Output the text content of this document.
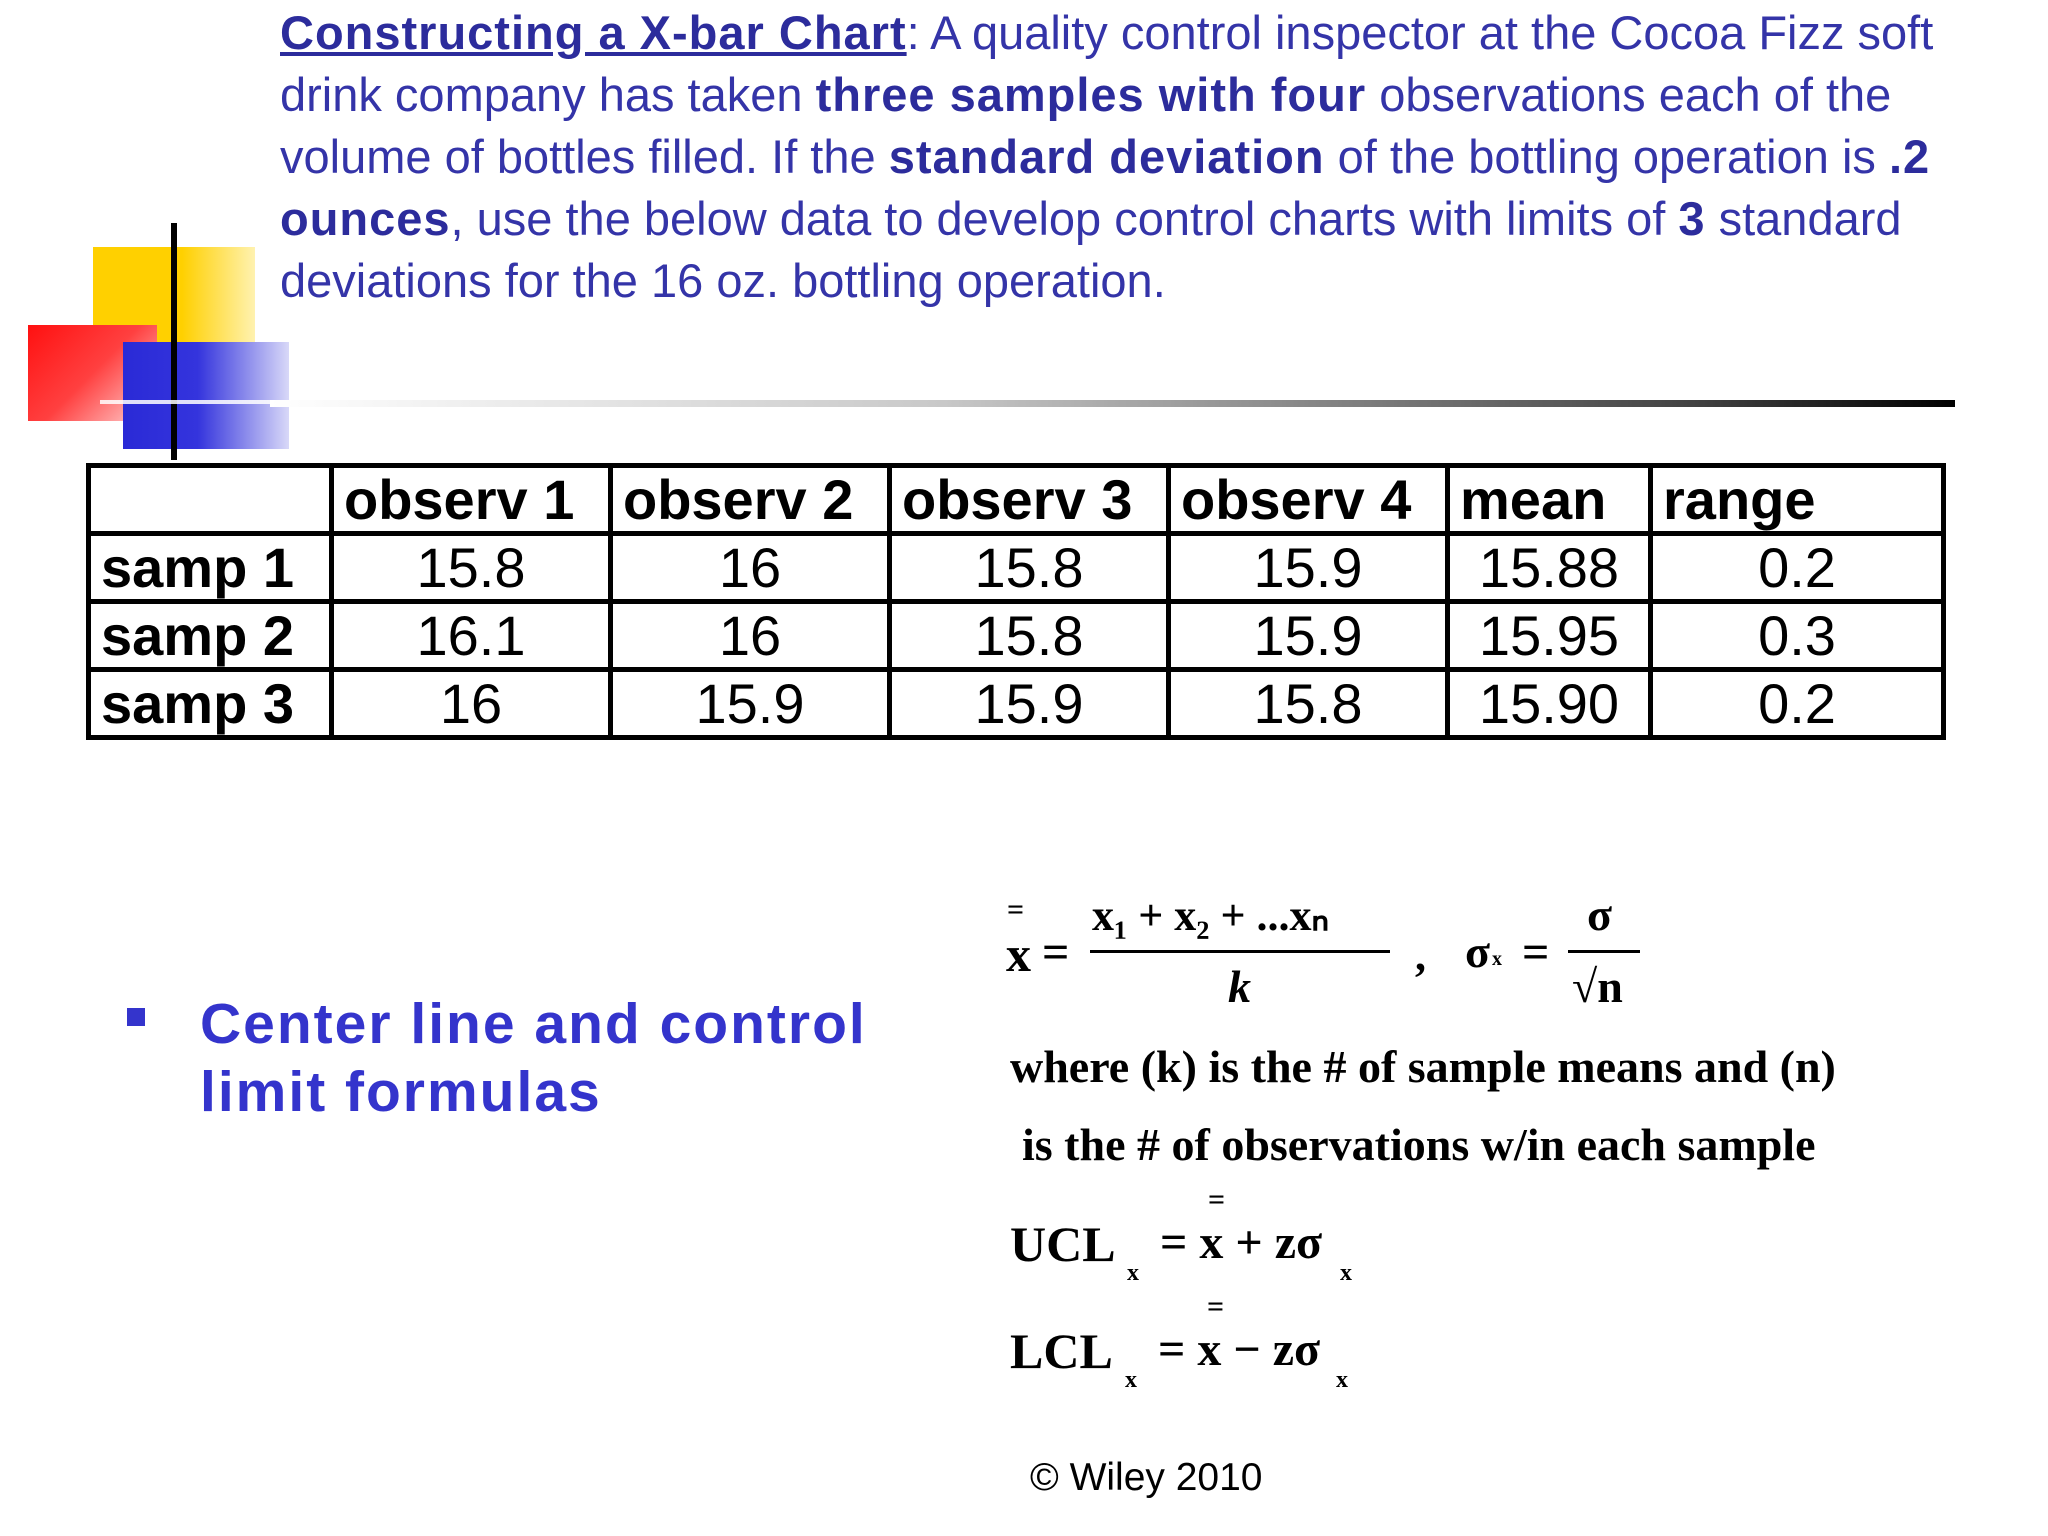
Constructing a X-bar Chart: A quality control inspector at the Cocoa Fizz soft drink company has taken three samples with four observations each of the volume of bottles filled. If the standard deviation of the bottling operation is .2 ounces, use the below data to develop control charts with limits of 3 standard deviations for the 16 oz. bottling operation.
	observ 1	observ 2	observ 3	observ 4	mean	range
samp 1	15.8	16	15.8	15.9	15.88	0.2
samp 2	16.1	16	15.8	15.9	15.95	0.3
samp 3	16	15.9	15.9	15.8	15.90	0.2
Center line and control limit formulas
=
x =
x₁ + x₂ + ...xₙ
k
, σ x =
σ
√n
where (k) is the # of sample means and (n)
is the # of observations w/in each sample
=
UCL
x
= x + zσ
x
=
LCL
x
= x − zσ
x
© Wiley 2010
